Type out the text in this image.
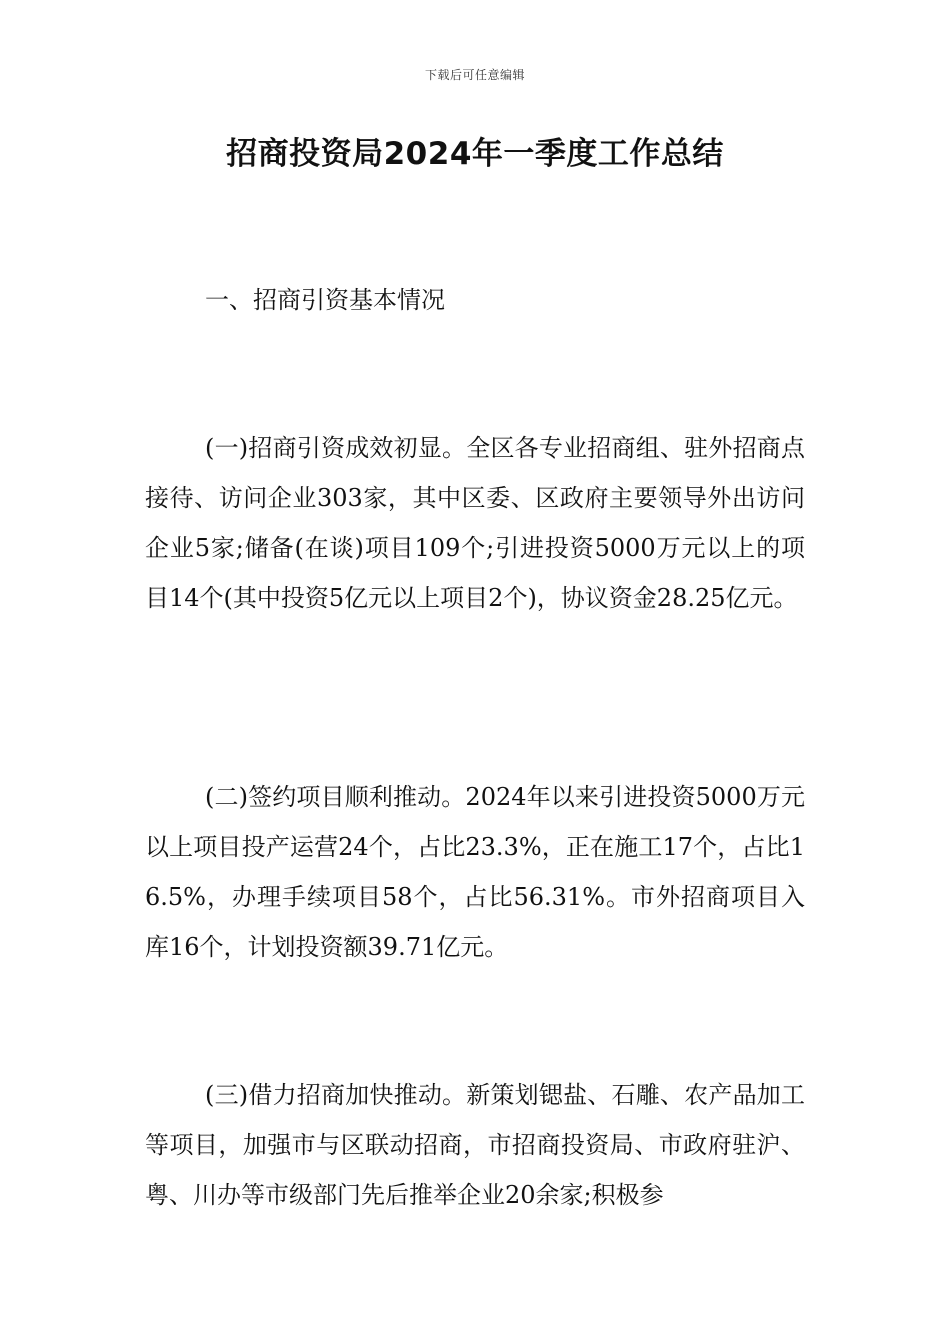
下载后可任意编辑
招商投资局2024年一季度工作总结
一、招商引资基本情况

(一)招商引资成效初显。全区各专业招商组、驻外招商点接待、访问企业303家，其中区委、区政府主要领导外出访问企业5家;储备(在谈)项目109个;引进投资5000万元以上的项目14个(其中投资5亿元以上项目2个)，协议资金28.25亿元。

(二)签约项目顺利推动。2024年以来引进投资5000万元以上项目投产运营24个，占比23.3%，正在施工17个，占比16.5%，办理手续项目58个，占比56.31%。市外招商项目入库16个，计划投资额39.71亿元。

(三)借力招商加快推动。新策划锶盐、石雕、农产品加工等项目，加强市与区联动招商，市招商投资局、市政府驻沪、粤、川办等市级部门先后推举企业20余家;积极参
